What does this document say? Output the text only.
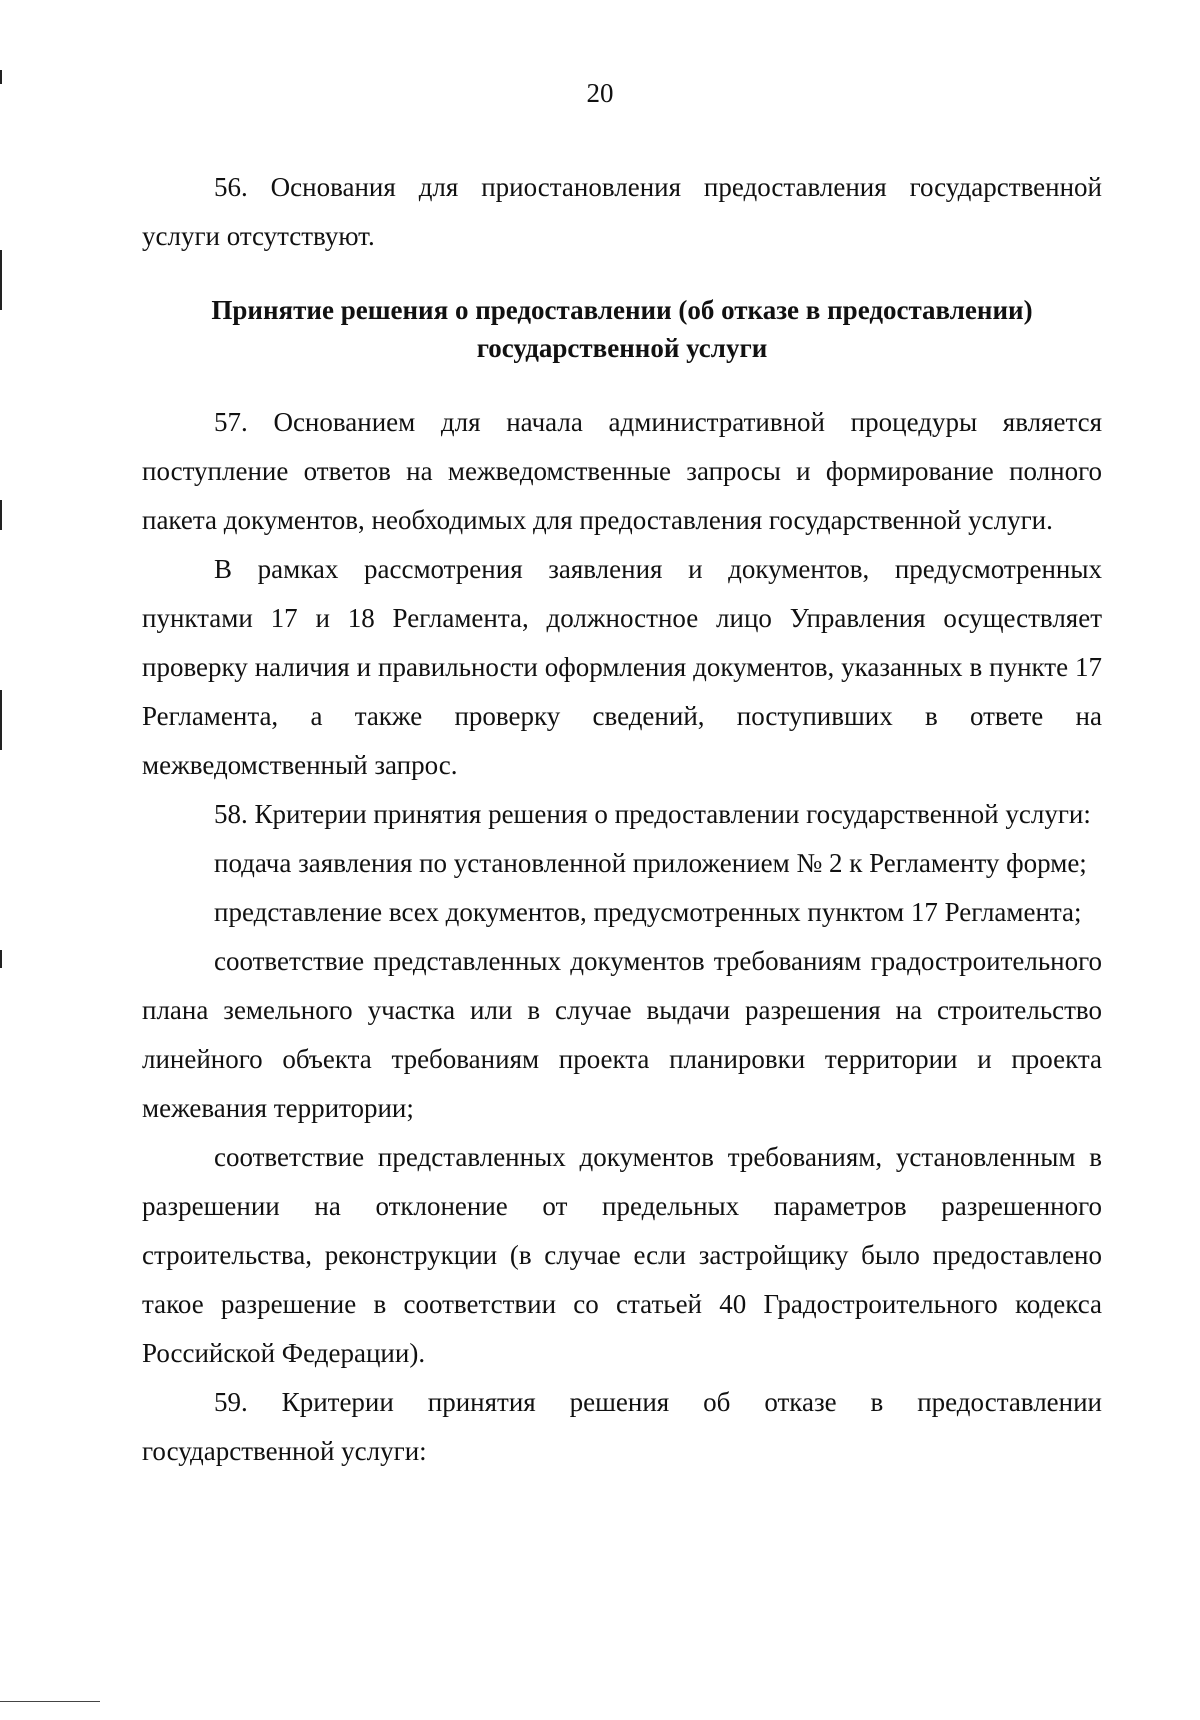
20

56. Основания для приостановления предоставления государственной услуги отсутствуют.

Принятие решения о предоставлении (об отказе в предоставлении)
государственной услуги

57. Основанием для начала административной процедуры является поступление ответов на межведомственные запросы и формирование полного пакета документов, необходимых для предоставления государственной услуги.

В рамках рассмотрения заявления и документов, предусмотренных пунктами 17 и 18 Регламента, должностное лицо Управления осуществляет проверку наличия и правильности оформления документов, указанных в пункте 17 Регламента, а также проверку сведений, поступивших в ответе на межведомственный запрос.

58. Критерии принятия решения о предоставлении государственной услуги:

подача заявления по установленной приложением № 2 к Регламенту форме;

представление всех документов, предусмотренных пунктом 17 Регламента;

соответствие представленных документов требованиям градостроительного плана земельного участка или в случае выдачи разрешения на строительство линейного объекта требованиям проекта планировки территории и проекта межевания территории;

соответствие представленных документов требованиям, установленным в разрешении на отклонение от предельных параметров разрешенного строительства, реконструкции (в случае если застройщику было предоставлено такое разрешение в соответствии со статьей 40 Градостроительного кодекса Российской Федерации).

59. Критерии принятия решения об отказе в предоставлении государственной услуги:
